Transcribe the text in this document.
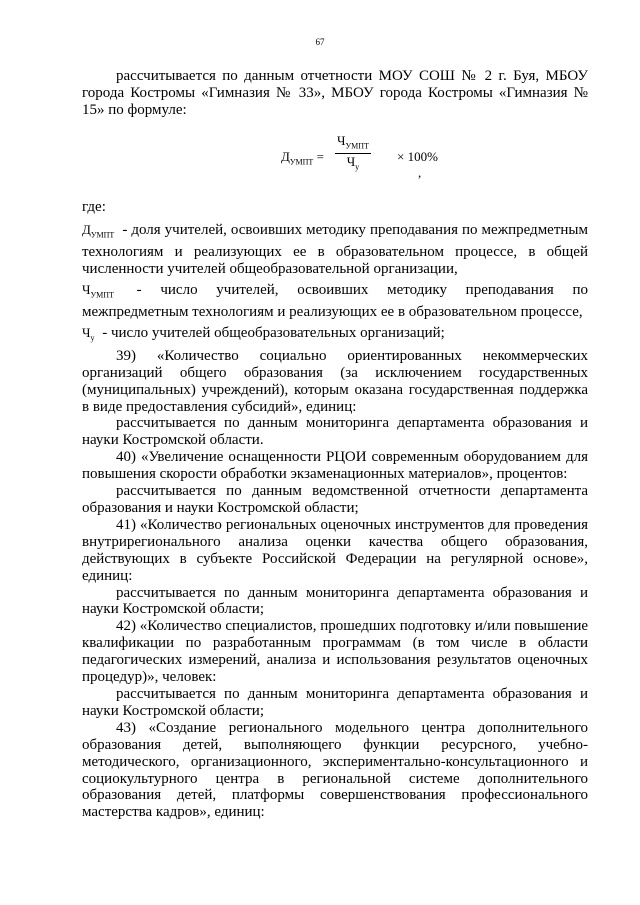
67

рассчитывается по данным отчетности МОУ СОШ № 2 г. Буя, МБОУ города Костромы «Гимназия № 33», МБОУ города Костромы «Гимназия № 15» по формуле:

$Д_{УМПТ}$ =
$Ч_{УМПТ}$
$Ч_у$
× 100%
,

где:

$Д_{УМПТ}$ - доля учителей, освоивших методику преподавания по межпредметным технологиям и реализующих ее в образовательном процессе, в общей численности учителей общеобразовательной организации,

$Ч_{УМПТ}$ - число учителей, освоивших методику преподавания по межпредметным технологиям и реализующих ее в образовательном процессе,

$Ч_у$ - число учителей общеобразовательных организаций;

39) «Количество социально ориентированных некоммерческих организаций общего образования (за исключением государственных (муниципальных) учреждений), которым оказана государственная поддержка в виде предоставления субсидий», единиц:

рассчитывается по данным мониторинга департамента образования и науки Костромской области.

40) «Увеличение оснащенности РЦОИ современным оборудованием для повышения скорости обработки экзаменационных материалов», процентов:

рассчитывается по данным ведомственной отчетности департамента образования и науки Костромской области;

41) «Количество региональных оценочных инструментов для проведения внутрирегионального анализа оценки качества общего образования, действующих в субъекте Российской Федерации на регулярной основе», единиц:

рассчитывается по данным мониторинга департамента образования и науки Костромской области;

42) «Количество специалистов, прошедших подготовку и/или повышение квалификации по разработанным программам (в том числе в области педагогических измерений, анализа и использования результатов оценочных процедур)», человек:

рассчитывается по данным мониторинга департамента образования и науки Костромской области;

43) «Создание регионального модельного центра дополнительного образования детей, выполняющего функции ресурсного, учебно-методического, организационного, экспериментально-консультационного и социокультурного центра в региональной системе дополнительного образования детей, платформы совершенствования профессионального мастерства кадров», единиц:
